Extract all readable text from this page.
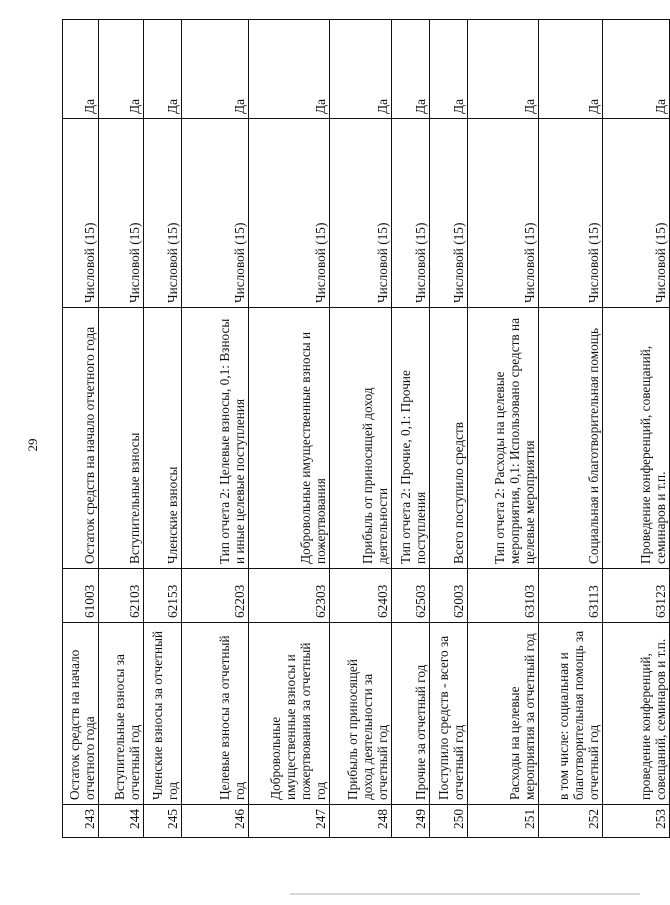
29
243	Остаток средств на начало отчетного года	61003	Остаток средств на начало отчетного года	Числовой (15)	Да
244	Вступительные взносы за отчетный год	62103	Вступительные взносы	Числовой (15)	Да
245	Членские взносы за отчетный год	62153	Членские взносы	Числовой (15)	Да
246	Целевые взносы за отчетный год	62203	Тип отчета 2: Целевые взносы, 0,1: Взносы и иные целевые поступления	Числовой (15)	Да
247	Добровольные имущественные взносы и пожертвования за отчетный год	62303	Добровольные имущественные взносы и пожертвования	Числовой (15)	Да
248	Прибыль от приносящей доход деятельности за отчетный год	62403	Прибыль от приносящей доход деятельности	Числовой (15)	Да
249	Прочие за отчетный год	62503	Тип отчета 2: Прочие, 0,1: Прочие поступления	Числовой (15)	Да
250	Поступило средств - всего за отчетный год	62003	Всего поступило средств	Числовой (15)	Да
251	Расходы на целевые мероприятия за отчетный год	63103	Тип отчета 2: Расходы на целевые мероприятия, 0,1: Использовано средств на целевые мероприятия	Числовой (15)	Да
252	в том числе: социальная и благотворительная помощь за отчетный год	63113	Социальная и благотворительная помощь	Числовой (15)	Да
253	проведение конференций, совещаний, семинаров и т.п.	63123	Проведение конференций, совещаний, семинаров и т.п.	Числовой (15)	Да
